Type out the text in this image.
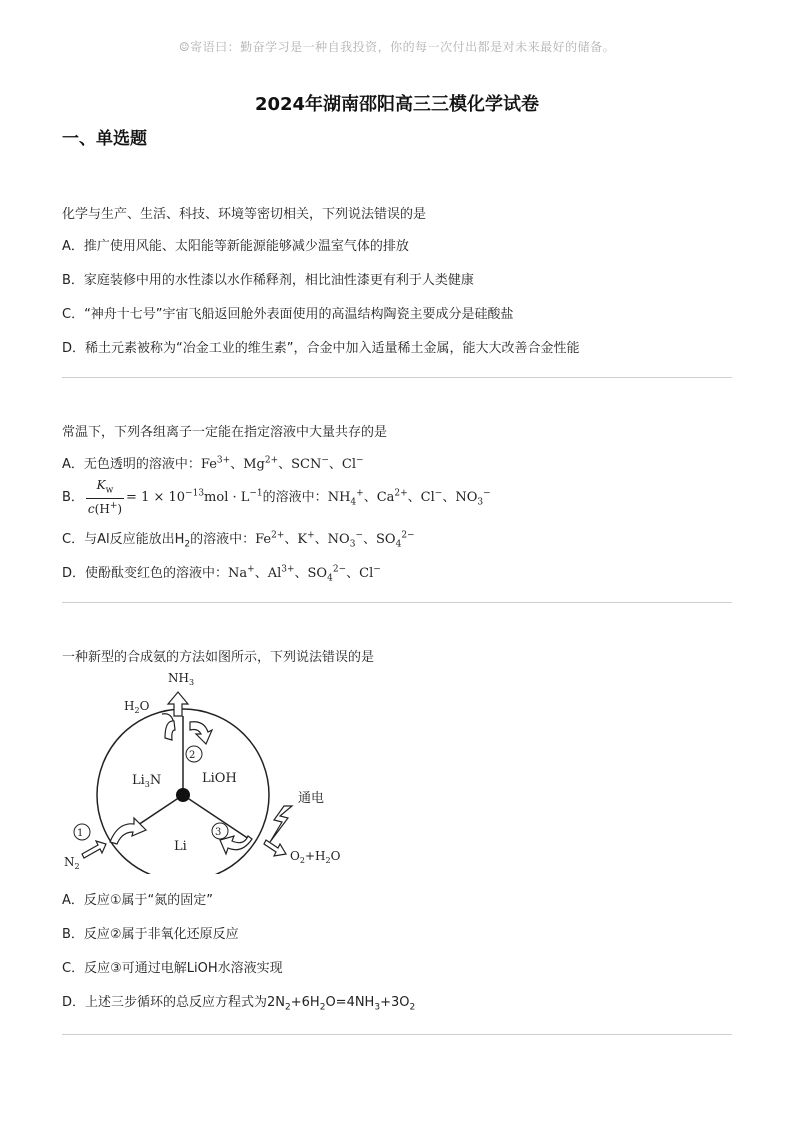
☺寄语曰：勤奋学习是一种自我投资，你的每一次付出都是对未来最好的储备。
2024年湖南邵阳高三三模化学试卷
一、单选题
化学与生产、生活、科技、环境等密切相关，下列说法错误的是
A．推广使用风能、太阳能等新能源能够减少温室气体的排放
B．家庭装修中用的水性漆以水作稀释剂，相比油性漆更有利于人类健康
C．“神舟十七号”宇宙飞船返回舱外表面使用的高温结构陶瓷主要成分是硅酸盐
D．稀土元素被称为“冶金工业的维生素”，合金中加入适量稀土金属，能大大改善合金性能
常温下，下列各组离子一定能在指定溶液中大量共存的是
A．无色透明的溶液中：$Fe^{3+}$、$Mg^{2+}$、SCN−、Cl−
B． $\frac{K_w}{c(H^+)} = 1 \times 10^{-13}mol \cdot L^{-1}$的溶液中：$NH_4^+$、$Ca^{2+}$、Cl−、$NO_3^-$
C．与Al反应能放出$H_2$的溶液中：$Fe^{2+}$、K+、$NO_3^-$、$SO_4^{2-}$
D．使酚酞变红色的溶液中：Na+、$Al^{3+}$、$SO_4^{2-}$、Cl−
一种新型的合成氨的方法如图所示，下列说法错误的是
$NH_3$
$H_2O$
2
$Li_3N$	LiOH
Li
1
$N_2$
3
通电
$O_2+H_2O$
A．反应①属于“氮的固定”
B．反应②属于非氧化还原反应
C．反应③可通过电解LiOH水溶液实现
D．上述三步循环的总反应方程式为$2N_2+6H_2O=4NH_3+3O_2$
